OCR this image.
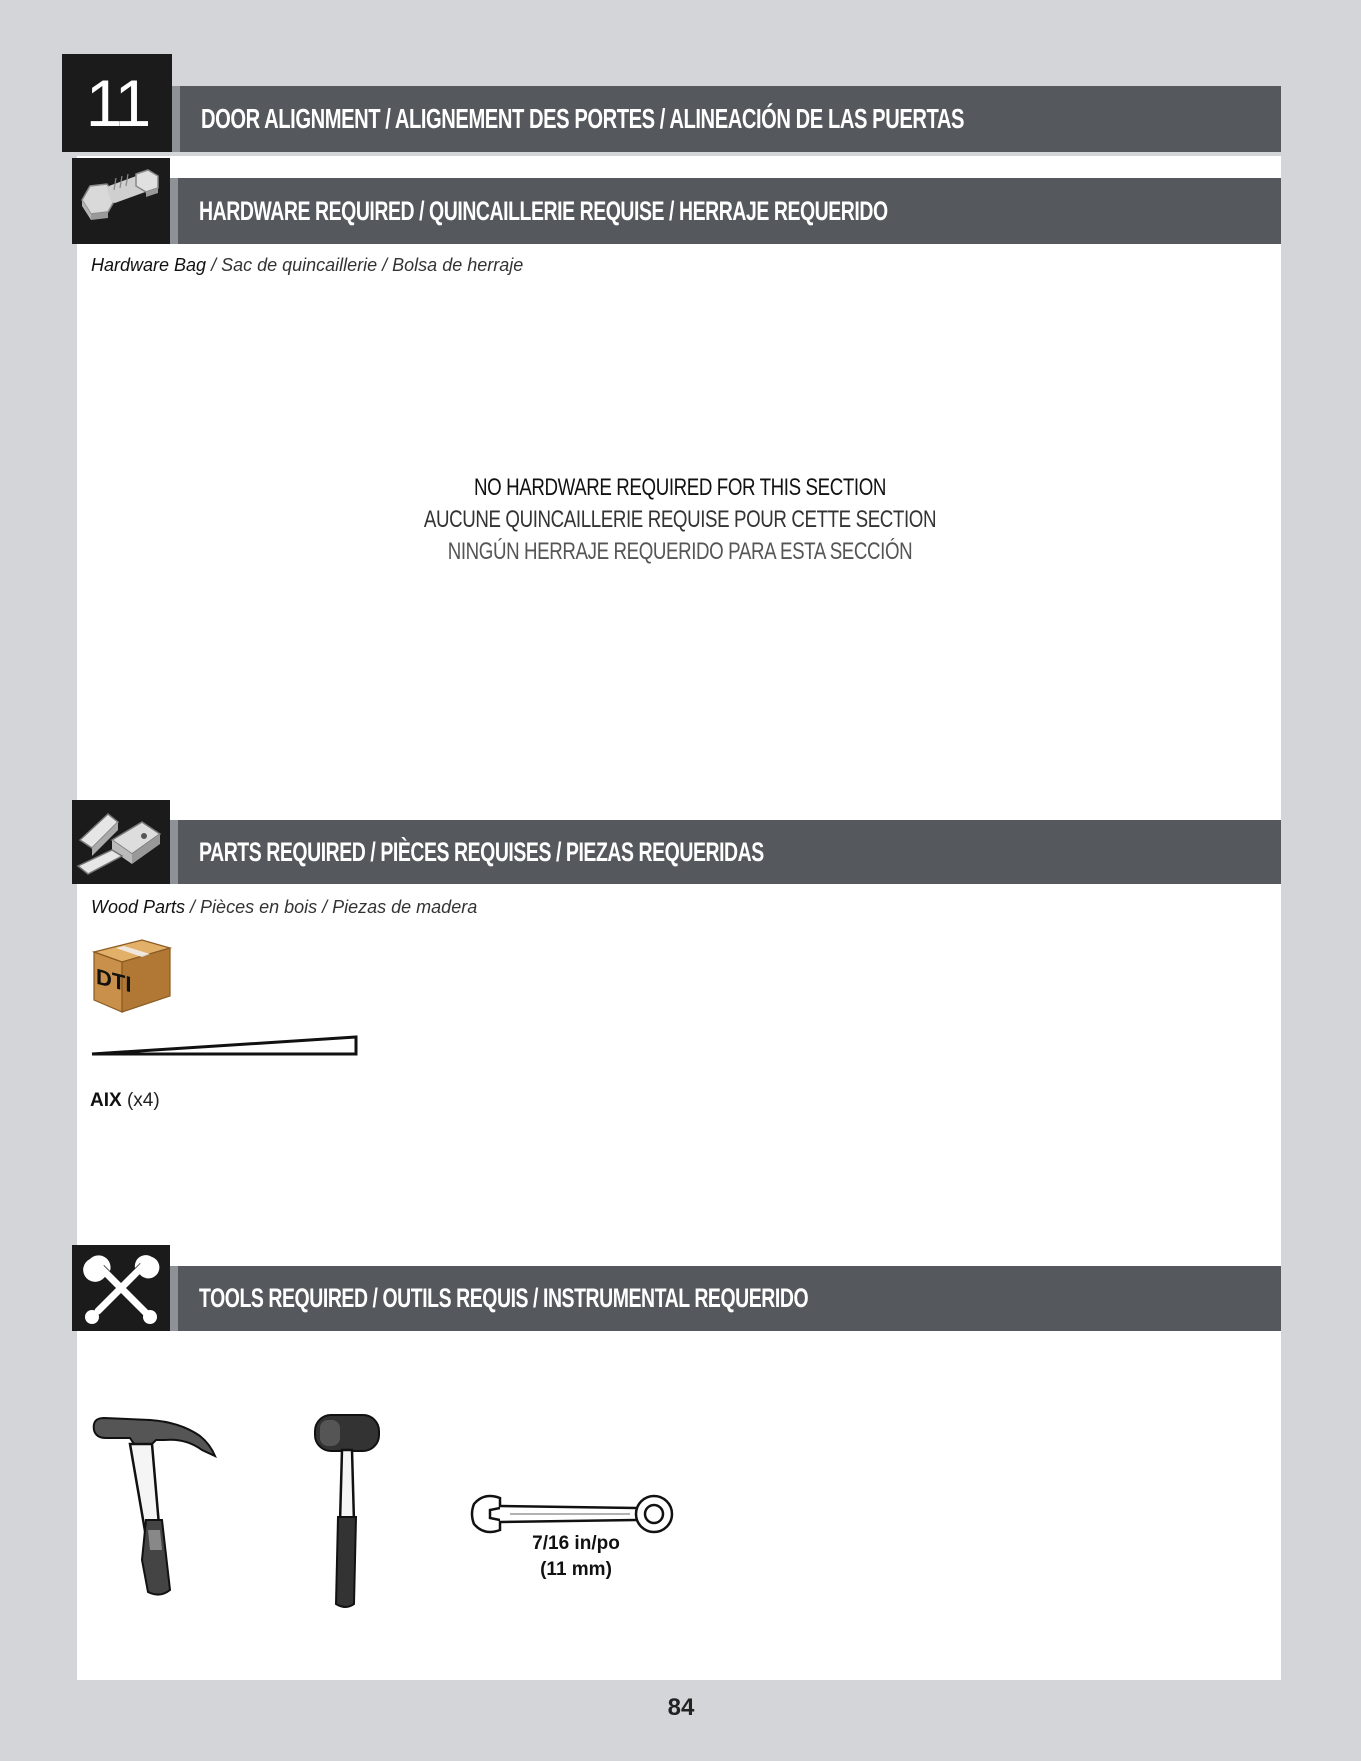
11	DOOR ALIGNMENT / ALIGNEMENT DES PORTES / ALINEACIÓN DE LAS PUERTAS
HARDWARE REQUIRED / QUINCAILLERIE REQUISE / HERRAJE REQUERIDO
Hardware Bag / Sac de quincaillerie / Bolsa de herraje
NO HARDWARE REQUIRED FOR THIS SECTION
AUCUNE QUINCAILLERIE REQUISE POUR CETTE SECTION
NINGÚN HERRAJE REQUERIDO PARA ESTA SECCIÓN
PARTS REQUIRED / PIÈCES REQUISES / PIEZAS REQUERIDAS
Wood Parts / Pièces en bois / Piezas de madera
DTI
AIX (x4)
TOOLS REQUIRED / OUTILS REQUIS / INSTRUMENTAL REQUERIDO
7/16 in/po
(11 mm)
84
